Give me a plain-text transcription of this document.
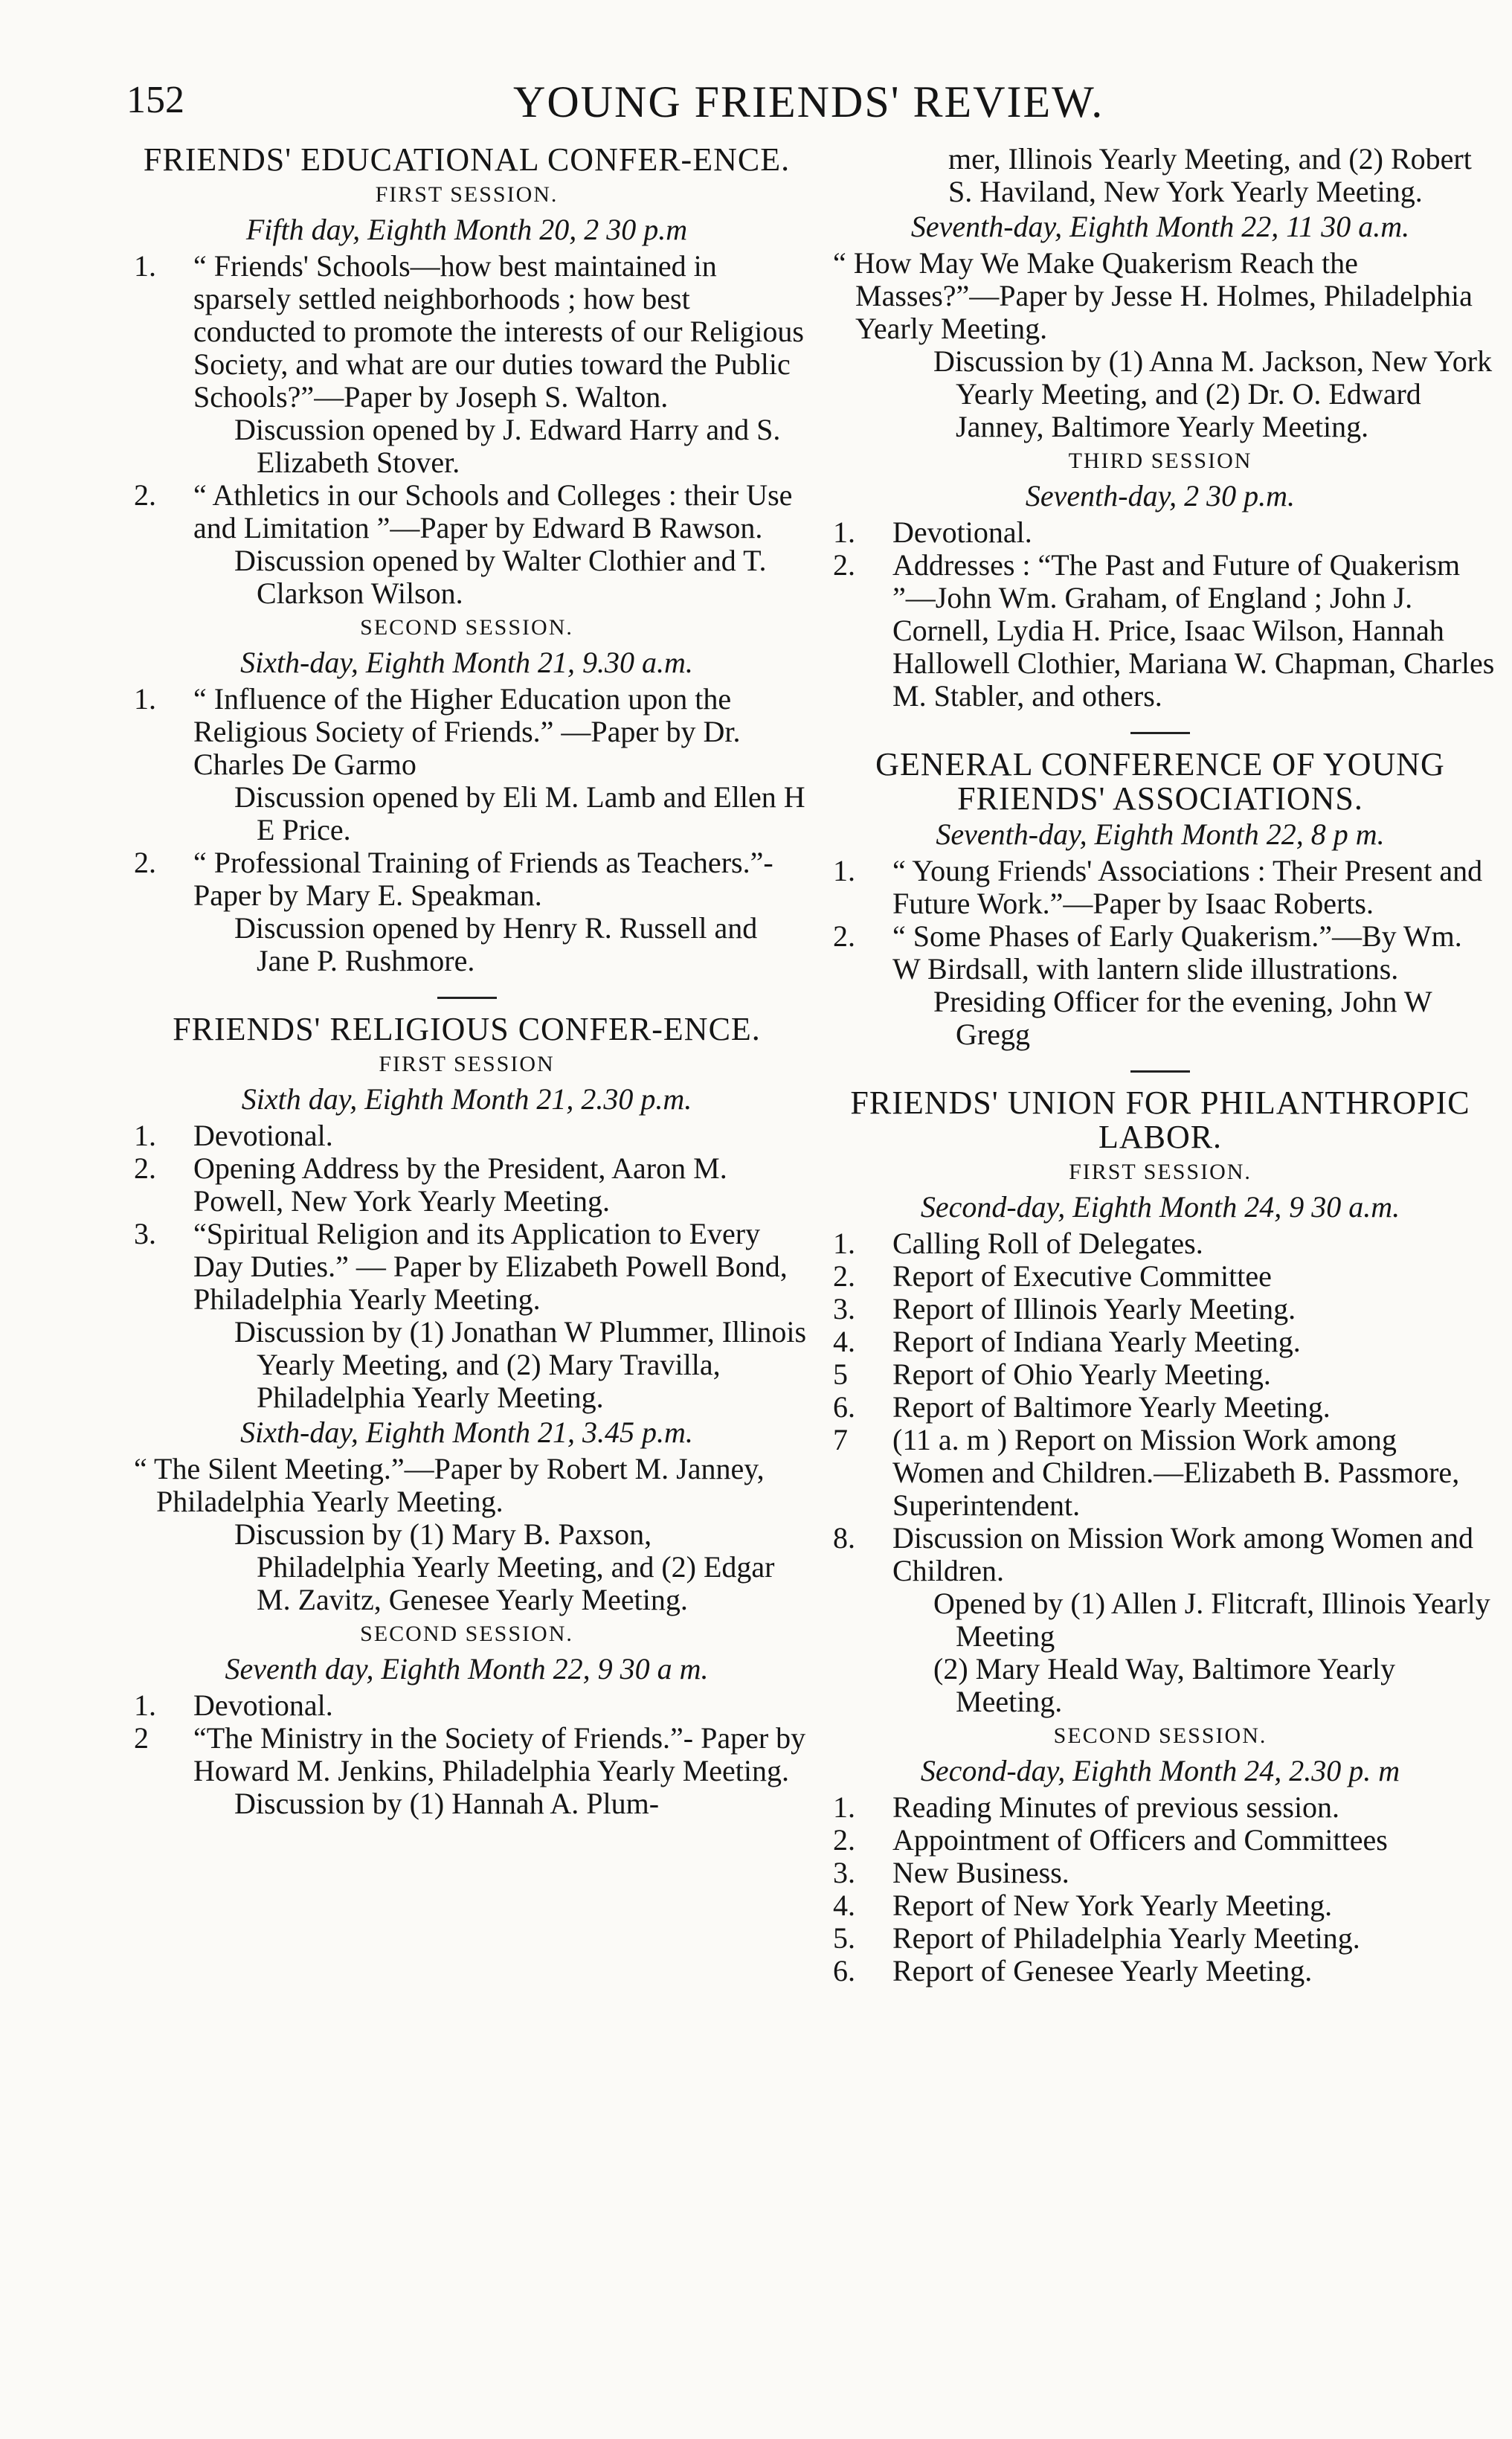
152	YOUNG FRIENDS' REVIEW.
FRIENDS' EDUCATIONAL CONFER-ENCE.
FIRST SESSION.
Fifth day, Eighth Month 20, 2 30 p.m
1.	“ Friends' Schools—how best maintained in sparsely settled neighborhoods ; how best conducted to promote the interests of our Religious Society, and what are our duties toward the Public Schools?”—Paper by Joseph S. Walton.
Discussion opened by J. Edward Harry and S. Elizabeth Stover.
2.	“ Athletics in our Schools and Colleges : their Use and Limitation ”—Paper by Edward B Rawson.
Discussion opened by Walter Clothier and T. Clarkson Wilson.
SECOND SESSION.
Sixth-day, Eighth Month 21, 9.30 a.m.
1.	“ Influence of the Higher Education upon the Religious Society of Friends.” —Paper by Dr. Charles De Garmo
Discussion opened by Eli M. Lamb and Ellen H E Price.
2.	“ Professional Training of Friends as Teachers.”- Paper by Mary E. Speakman.
Discussion opened by Henry R. Russell and Jane P. Rushmore.
FRIENDS' RELIGIOUS CONFER-ENCE.
FIRST SESSION
Sixth day, Eighth Month 21, 2.30 p.m.
1.	Devotional.
2.	Opening Address by the President, Aaron M. Powell, New York Yearly Meeting.
3.	“Spiritual Religion and its Application to Every Day Duties.” — Paper by Elizabeth Powell Bond, Philadelphia Yearly Meeting.
Discussion by (1) Jonathan W Plummer, Illinois Yearly Meeting, and (2) Mary Travilla, Philadelphia Yearly Meeting.
Sixth-day, Eighth Month 21, 3.45 p.m.
“ The Silent Meeting.”—Paper by Robert M. Janney, Philadelphia Yearly Meeting.
Discussion by (1) Mary B. Paxson, Philadelphia Yearly Meeting, and (2) Edgar M. Zavitz, Genesee Yearly Meeting.
SECOND SESSION.
Seventh day, Eighth Month 22, 9 30 a m.
1.	Devotional.
2	“The Ministry in the Society of Friends.”- Paper by Howard M. Jenkins, Philadelphia Yearly Meeting.
Discussion by (1) Hannah A. Plum-
mer, Illinois Yearly Meeting, and (2) Robert S. Haviland, New York Yearly Meeting.
Seventh-day, Eighth Month 22, 11 30 a.m.
“ How May We Make Quakerism Reach the Masses?”—Paper by Jesse H. Holmes, Philadelphia Yearly Meeting.
Discussion by (1) Anna M. Jackson, New York Yearly Meeting, and (2) Dr. O. Edward Janney, Baltimore Yearly Meeting.
THIRD SESSION
Seventh-day, 2 30 p.m.
1.	Devotional.
2.	Addresses : “The Past and Future of Quakerism ”—John Wm. Graham, of England ; John J. Cornell, Lydia H. Price, Isaac Wilson, Hannah Hallowell Clothier, Mariana W. Chapman, Charles M. Stabler, and others.
GENERAL CONFERENCE OF YOUNG FRIENDS' ASSOCIATIONS.
Seventh-day, Eighth Month 22, 8 p m.
1.	“ Young Friends' Associations : Their Present and Future Work.”—Paper by Isaac Roberts.
2.	“ Some Phases of Early Quakerism.”—By Wm. W Birdsall, with lantern slide illustrations.
Presiding Officer for the evening, John W Gregg
FRIENDS' UNION FOR PHILANTHROPIC LABOR.
FIRST SESSION.
Second-day, Eighth Month 24, 9 30 a.m.
1.	Calling Roll of Delegates.
2.	Report of Executive Committee
3.	Report of Illinois Yearly Meeting.
4.	Report of Indiana Yearly Meeting.
5	Report of Ohio Yearly Meeting.
6.	Report of Baltimore Yearly Meeting.
7	(11 a. m ) Report on Mission Work among Women and Children.—Elizabeth B. Passmore, Superintendent.
8.	Discussion on Mission Work among Women and Children.
Opened by (1) Allen J. Flitcraft, Illinois Yearly Meeting
(2) Mary Heald Way, Baltimore Yearly Meeting.
SECOND SESSION.
Second-day, Eighth Month 24, 2.30 p. m
1.	Reading Minutes of previous session.
2.	Appointment of Officers and Committees
3.	New Business.
4.	Report of New York Yearly Meeting.
5.	Report of Philadelphia Yearly Meeting.
6.	Report of Genesee Yearly Meeting.
